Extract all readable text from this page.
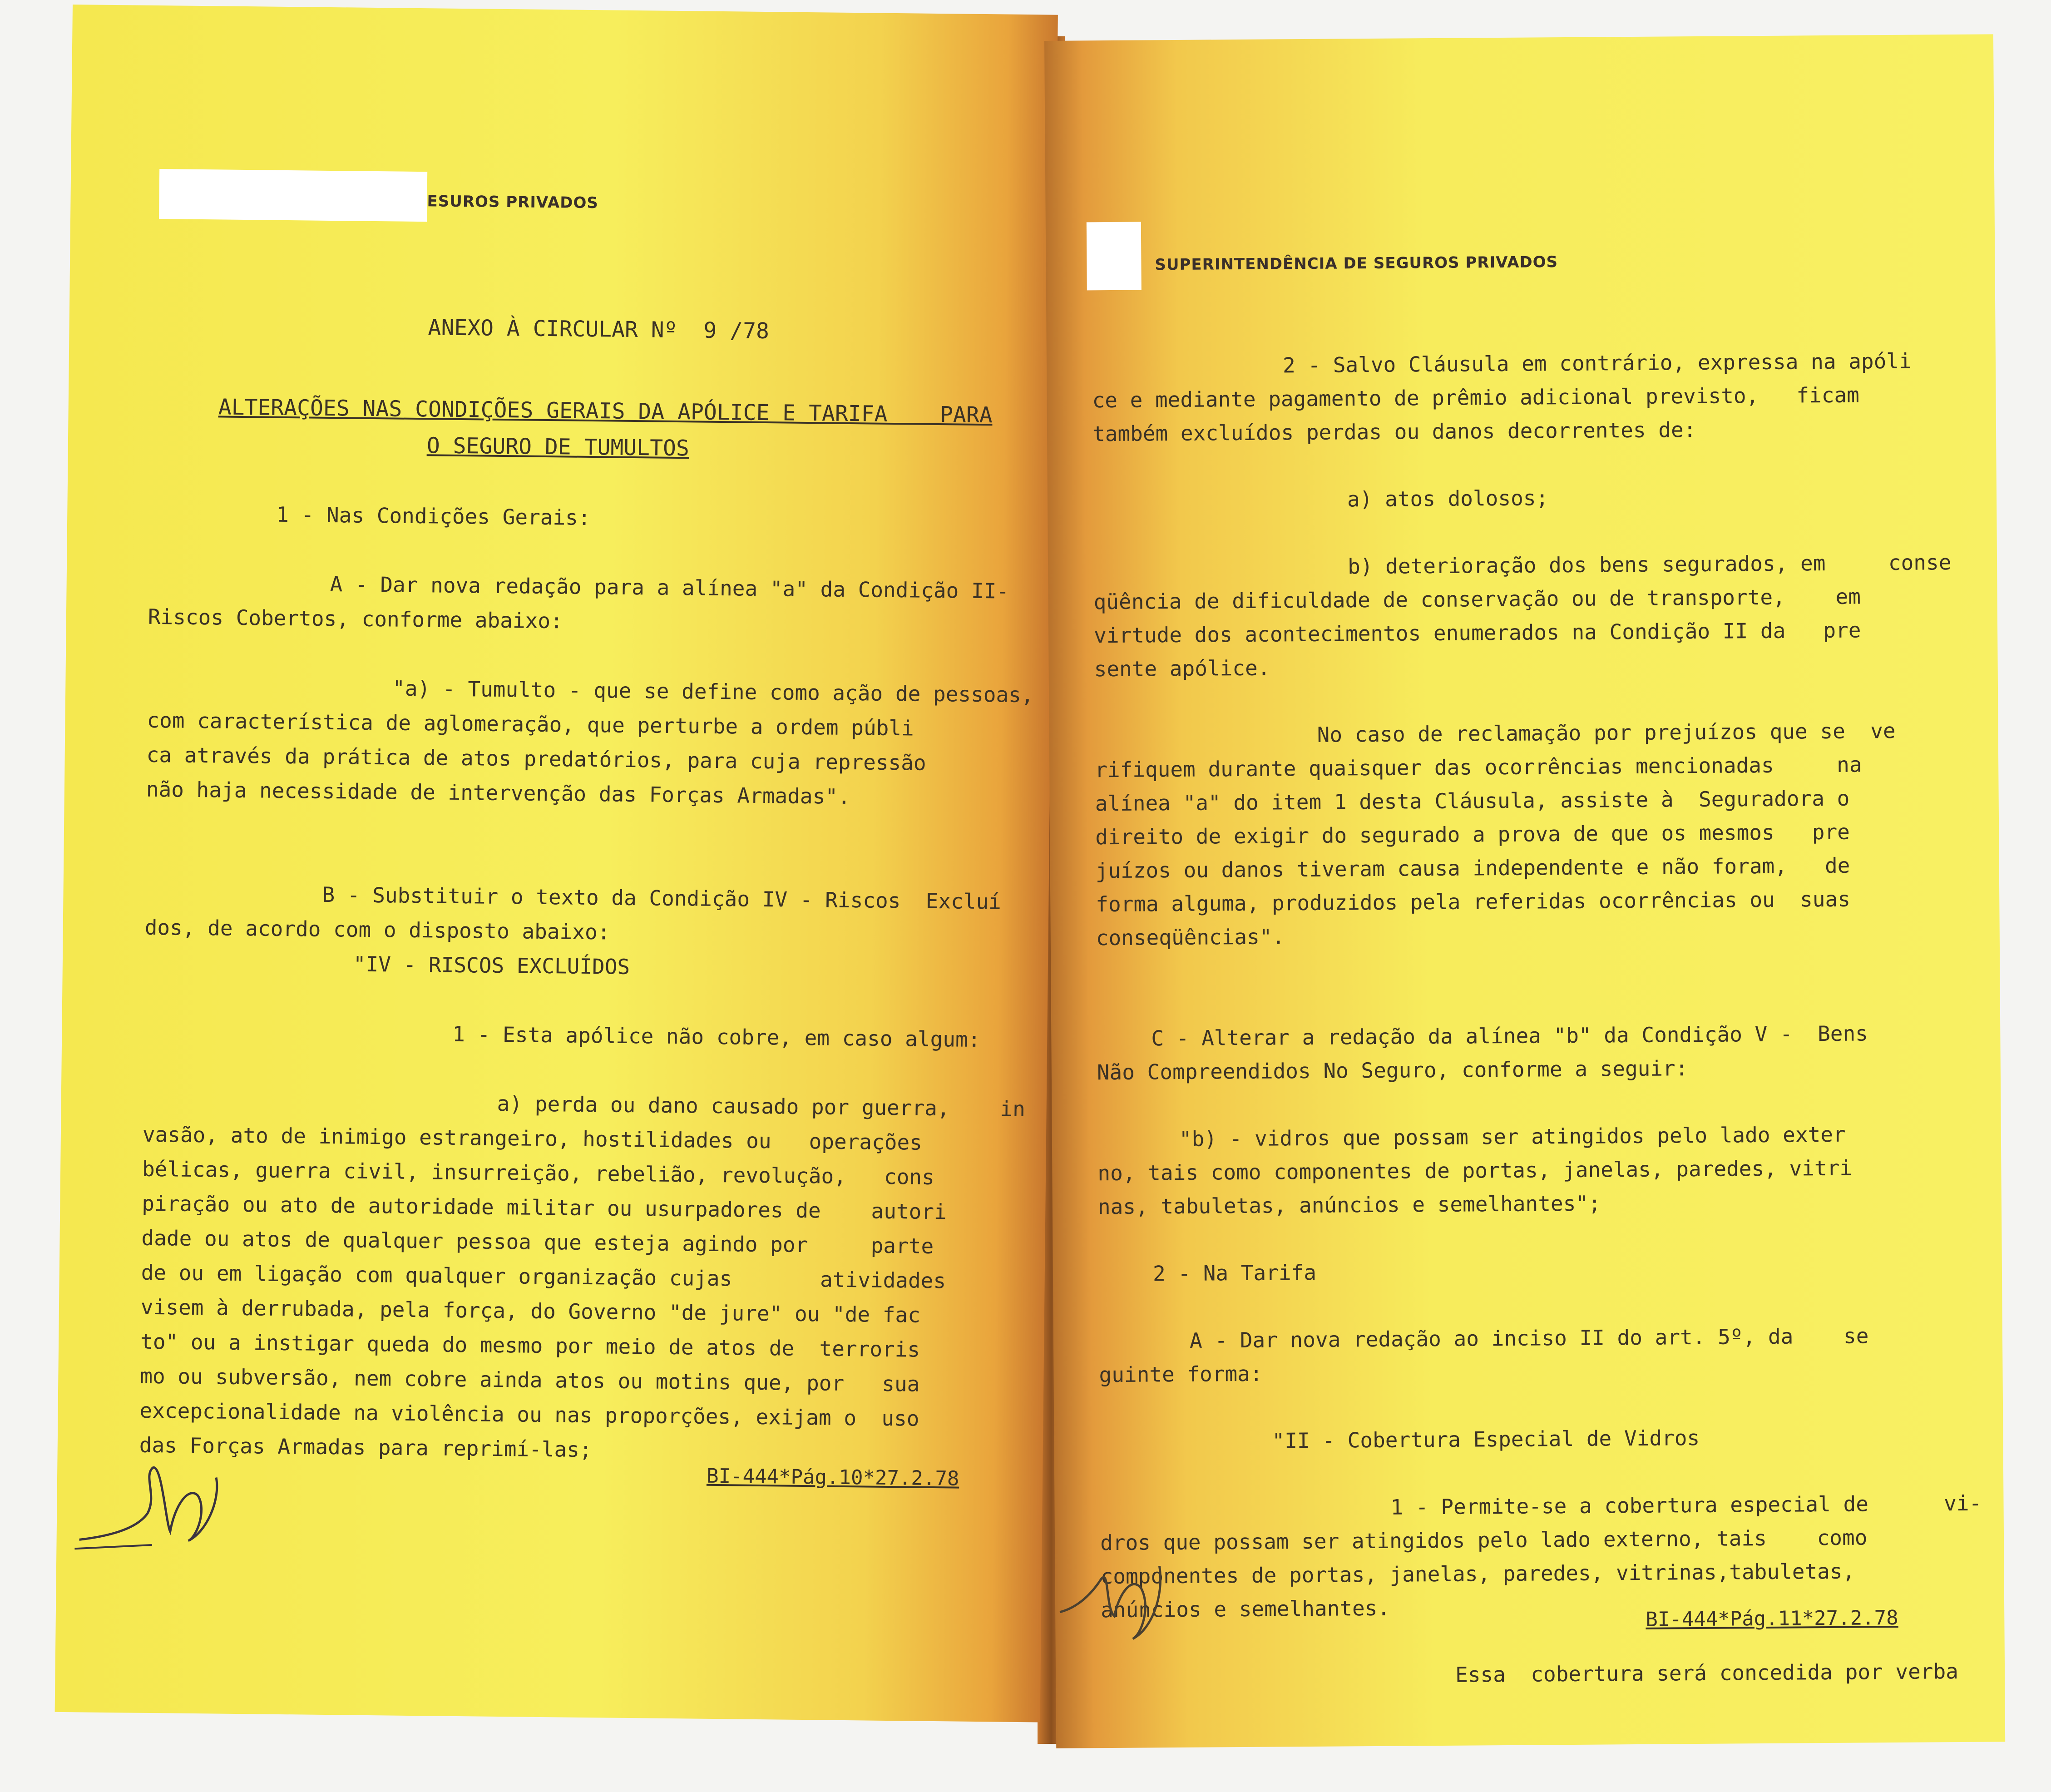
ESUROS PRIVADOS
ANEXO À CIRCULAR Nº  9 /78
ALTERAÇÕES NAS CONDIÇÕES GERAIS DA APÓLICE E TARIFA    PARA
O SEGURO DE TUMULTOS
1 - Nas Condições Gerais:
A - Dar nova redação para a alínea "a" da Condição II-
Riscos Cobertos, conforme abaixo:
"a) - Tumulto - que se define como ação de pessoas,
com característica de aglomeração, que perturbe a ordem públi
ca através da prática de atos predatórios, para cuja repressão
não haja necessidade de intervenção das Forças Armadas".
B - Substituir o texto da Condição IV - Riscos  Excluí
dos, de acordo com o disposto abaixo:
"IV - RISCOS EXCLUÍDOS
1 - Esta apólice não cobre, em caso algum:
a) perda ou dano causado por guerra,    in
vasão, ato de inimigo estrangeiro, hostilidades ou   operações
bélicas, guerra civil, insurreição, rebelião, revolução,   cons
piração ou ato de autoridade militar ou usurpadores de    autori
dade ou atos de qualquer pessoa que esteja agindo por     parte
de ou em ligação com qualquer organização cujas       atividades
visem à derrubada, pela força, do Governo "de jure" ou "de fac
to" ou a instigar queda do mesmo por meio de atos de  terroris
mo ou subversão, nem cobre ainda atos ou motins que, por   sua
excepcionalidade na violência ou nas proporções, exijam o  uso
das Forças Armadas para reprimí-las;
BI-444*Pág.10*27.2.78
SUPERINTENDÊNCIA DE SEGUROS PRIVADOS
2 - Salvo Cláusula em contrário, expressa na apóli
ce e mediante pagamento de prêmio adicional previsto,   ficam
também excluídos perdas ou danos decorrentes de:
a) atos dolosos;
b) deterioração dos bens segurados, em     conse
qüência de dificuldade de conservação ou de transporte,    em
virtude dos acontecimentos enumerados na Condição II da   pre
sente apólice.
No caso de reclamação por prejuízos que se  ve
rifiquem durante quaisquer das ocorrências mencionadas     na
alínea "a" do item 1 desta Cláusula, assiste à  Seguradora o
direito de exigir do segurado a prova de que os mesmos   pre
juízos ou danos tiveram causa independente e não foram,   de
forma alguma, produzidos pela referidas ocorrências ou  suas
conseqüências".
C - Alterar a redação da alínea "b" da Condição V -  Bens
Não Compreendidos No Seguro, conforme a seguir:
"b) - vidros que possam ser atingidos pelo lado exter
no, tais como componentes de portas, janelas, paredes, vitri
nas, tabuletas, anúncios e semelhantes";
2 - Na Tarifa
A - Dar nova redação ao inciso II do art. 5º, da    se
guinte forma:
"II - Cobertura Especial de Vidros
1 - Permite-se a cobertura especial de      vi-
dros que possam ser atingidos pelo lado externo, tais    como
componentes de portas, janelas, paredes, vitrinas,tabuletas,
anúncios e semelhantes.
Essa  cobertura será concedida por verba
BI-444*Pág.11*27.2.78
